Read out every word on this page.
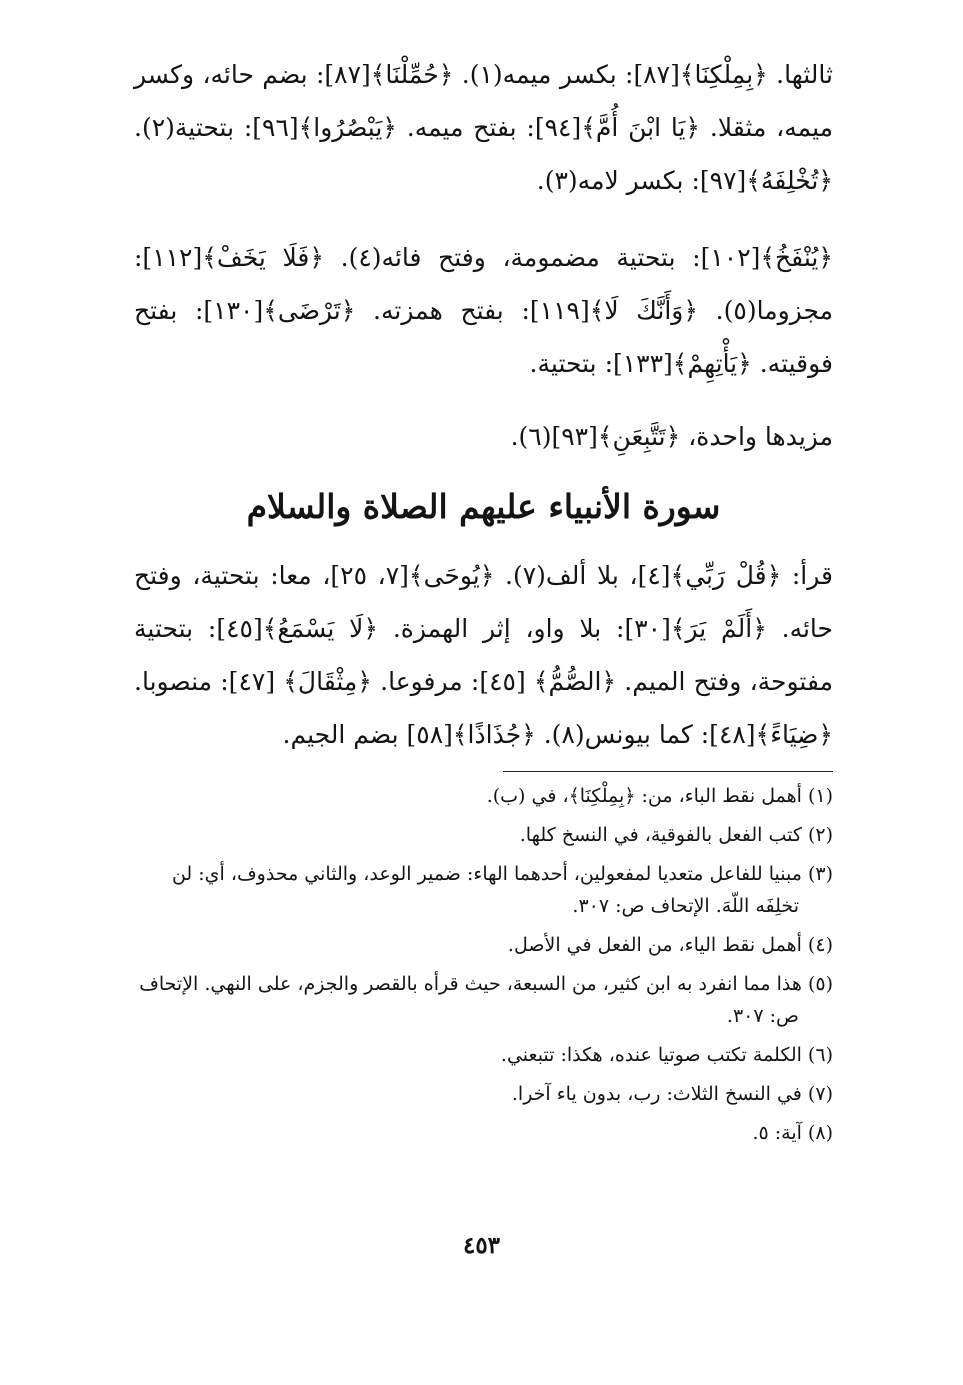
ثالثها. ﴿بِمِلْكِنَا﴾[٨٧]: بكسر ميمه(١). ﴿حُمِّلْنَا﴾[٨٧]: بضم حائه، وكسر ميمه، مثقلا. ﴿يَا ابْنَ أُمَّ﴾[٩٤]: بفتح ميمه. ﴿يَبْصُرُوا﴾[٩٦]: بتحتية(٢). ﴿تُخْلِفَهُ﴾[٩٧]: بكسر لامه(٣).

﴿يُنْفَخُ﴾[١٠٢]: بتحتية مضمومة، وفتح فائه(٤). ﴿فَلَا يَخَفْ﴾[١١٢]: مجزوما(٥). ﴿وَأَنَّكَ لَا﴾[١١٩]: بفتح همزته. ﴿تَرْضَى﴾[١٣٠]: بفتح فوقيته. ﴿يَأْتِهِمْ﴾[١٣٣]: بتحتية.

مزيدها واحدة، ﴿تَتَّبِعَنِ﴾[٩٣](٦).

سورة الأنبياء عليهم الصلاة والسلام

قرأ: ﴿قُلْ رَبِّي﴾[٤]، بلا ألف(٧). ﴿يُوحَى﴾[٧، ٢٥]، معا: بتحتية، وفتح حائه. ﴿أَلَمْ يَرَ﴾[٣٠]: بلا واو، إثر الهمزة. ﴿لَا يَسْمَعُ﴾[٤٥]: بتحتية مفتوحة، وفتح الميم. ﴿الصُّمُّ﴾ [٤٥]: مرفوعا. ﴿مِثْقَالَ﴾ [٤٧]: منصوبا. ﴿ضِيَاءً﴾[٤٨]: كما بيونس(٨). ﴿جُذَاذًا﴾[٥٨] بضم الجيم.

(١) أهمل نقط الباء، من: ﴿بِمِلْكِنَا﴾، في (ب).
(٢) كتب الفعل بالفوقية، في النسخ كلها.
(٣) مبنيا للفاعل متعديا لمفعولين، أحدهما الهاء: ضمير الوعد، والثاني محذوف، أي: لن تخلِفَه اللّهَ. الإتحاف ص: ٣٠٧.
(٤) أهمل نقط الياء، من الفعل في الأصل.
(٥) هذا مما انفرد به ابن كثير، من السبعة، حيث قرأه بالقصر والجزم، على النهي. الإتحاف ص: ٣٠٧.
(٦) الكلمة تكتب صوتيا عنده، هكذا: تتبعني.
(٧) في النسخ الثلاث: رب، بدون ياء آخرا.
(٨) آية: ٥.
٤٥٣
